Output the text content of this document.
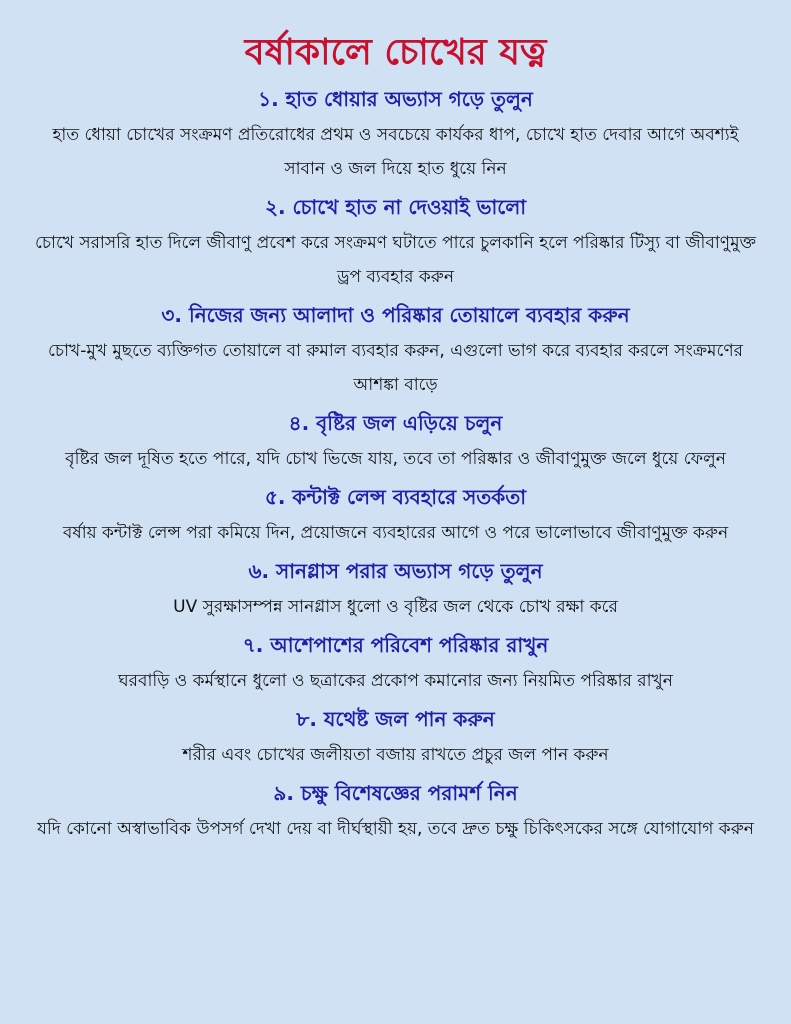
বর্ষাকালে চোখের যত্ন
১. হাত ধোয়ার অভ্যাস গড়ে তুলুন

হাত ধোয়া চোখের সংক্রমণ প্রতিরোধের প্রথম ও সবচেয়ে কার্যকর ধাপ, চোখে হাত দেবার আগে অবশ্যই সাবান ও জল দিয়ে হাত ধুয়ে নিন

২. চোখে হাত না দেওয়াই ভালো

চোখে সরাসরি হাত দিলে জীবাণু প্রবেশ করে সংক্রমণ ঘটাতে পারে চুলকানি হলে পরিষ্কার টিস্যু বা জীবাণুমুক্ত ড্রপ ব্যবহার করুন

৩. নিজের জন্য আলাদা ও পরিষ্কার তোয়ালে ব্যবহার করুন

চোখ-মুখ মুছতে ব্যক্তিগত তোয়ালে বা রুমাল ব্যবহার করুন, এগুলো ভাগ করে ব্যবহার করলে সংক্রমণের আশঙ্কা বাড়ে

৪. বৃষ্টির জল এড়িয়ে চলুন

বৃষ্টির জল দূষিত হতে পারে, যদি চোখ ভিজে যায়, তবে তা পরিষ্কার ও জীবাণুমুক্ত জলে ধুয়ে ফেলুন

৫. কন্টাক্ট লেন্স ব্যবহারে সতর্কতা

বর্ষায় কন্টাক্ট লেন্স পরা কমিয়ে দিন, প্রয়োজনে ব্যবহারের আগে ও পরে ভালোভাবে জীবাণুমুক্ত করুন

৬. সানগ্লাস পরার অভ্যাস গড়ে তুলুন

UV সুরক্ষাসম্পন্ন সানগ্লাস ধুলো ও বৃষ্টির জল থেকে চোখ রক্ষা করে

৭. আশেপাশের পরিবেশ পরিষ্কার রাখুন

ঘরবাড়ি ও কর্মস্থানে ধুলো ও ছত্রাকের প্রকোপ কমানোর জন্য নিয়মিত পরিষ্কার রাখুন

৮. যথেষ্ট জল পান করুন

শরীর এবং চোখের জলীয়তা বজায় রাখতে প্রচুর জল পান করুন

৯. চক্ষু বিশেষজ্ঞের পরামর্শ নিন

যদি কোনো অস্বাভাবিক উপসর্গ দেখা দেয় বা দীর্ঘস্থায়ী হয়, তবে দ্রুত চক্ষু চিকিৎসকের সঙ্গে যোগাযোগ করুন
